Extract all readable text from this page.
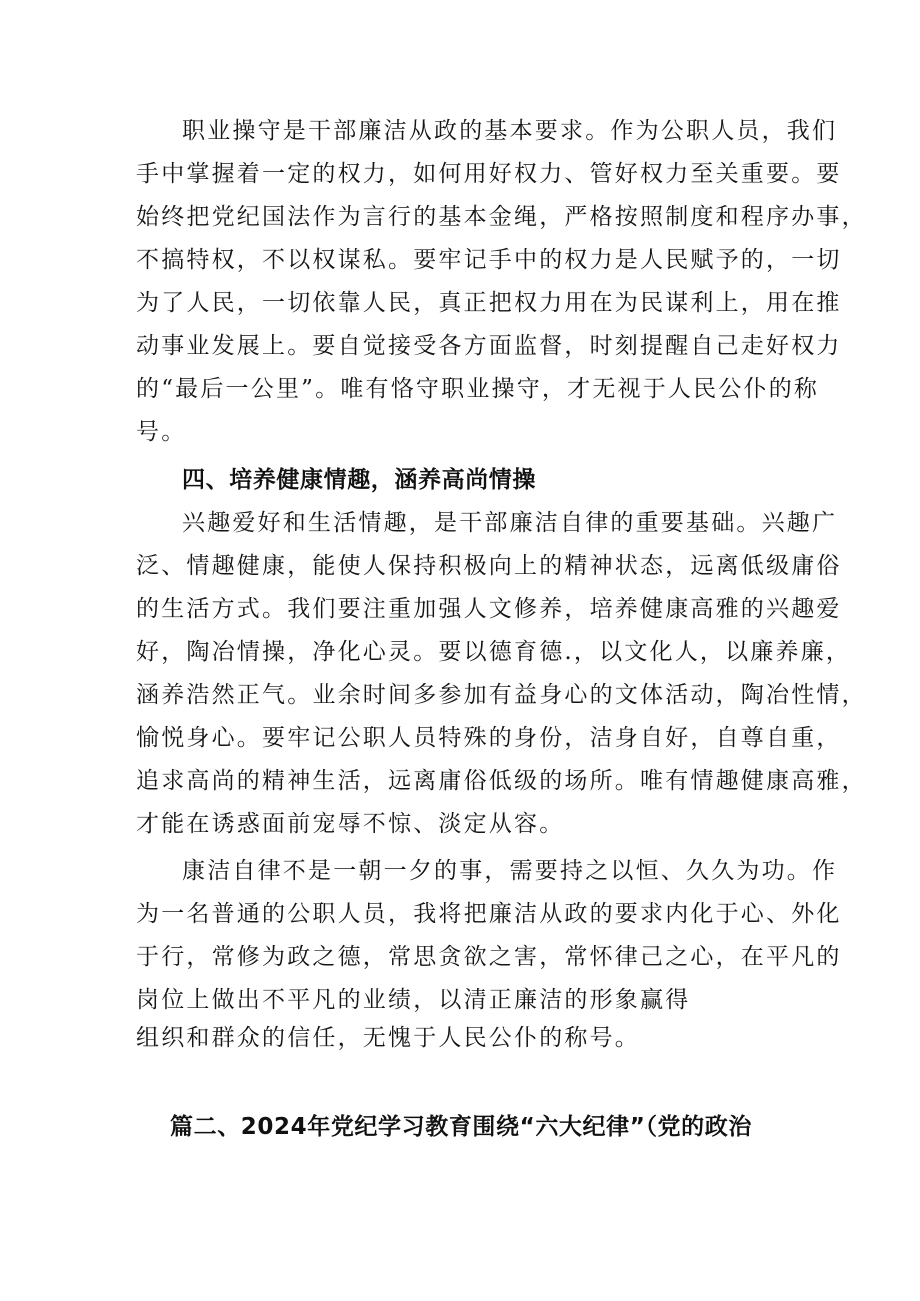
职业操守是干部廉洁从政的基本要求。作为公职人员，我们
手中掌握着一定的权力，如何用好权力、管好权力至关重要。要
始终把党纪国法作为言行的基本金绳，严格按照制度和程序办事，
不搞特权，不以权谋私。要牢记手中的权力是人民赋予的，一切
为了人民，一切依靠人民，真正把权力用在为民谋利上，用在推
动事业发展上。要自觉接受各方面监督，时刻提醒自己走好权力
的“最后一公里”。唯有恪守职业操守，才无视于人民公仆的称
号。
四、培养健康情趣，涵养高尚情操
兴趣爱好和生活情趣，是干部廉洁自律的重要基础。兴趣广
泛、情趣健康，能使人保持积极向上的精神状态，远离低级庸俗
的生活方式。我们要注重加强人文修养，培养健康高雅的兴趣爱
好，陶冶情操，净化心灵。要以德育德.，以文化人，以廉养廉，
涵养浩然正气。业余时间多参加有益身心的文体活动，陶冶性情，
愉悦身心。要牢记公职人员特殊的身份，洁身自好，自尊自重，
追求高尚的精神生活，远离庸俗低级的场所。唯有情趣健康高雅，
才能在诱惑面前宠辱不惊、淡定从容。
康洁自律不是一朝一夕的事，需要持之以恒、久久为功。作
为一名普通的公职人员，我将把廉洁从政的要求内化于心、外化
于行，常修为政之德，常思贪欲之害，常怀律己之心，在平凡的
岗位上做出不平凡的业绩，以清正廉洁的形象赢得
组织和群众的信任，无愧于人民公仆的称号。
篇二、2024年党纪学习教育围绕“六大纪律”（党的政治
